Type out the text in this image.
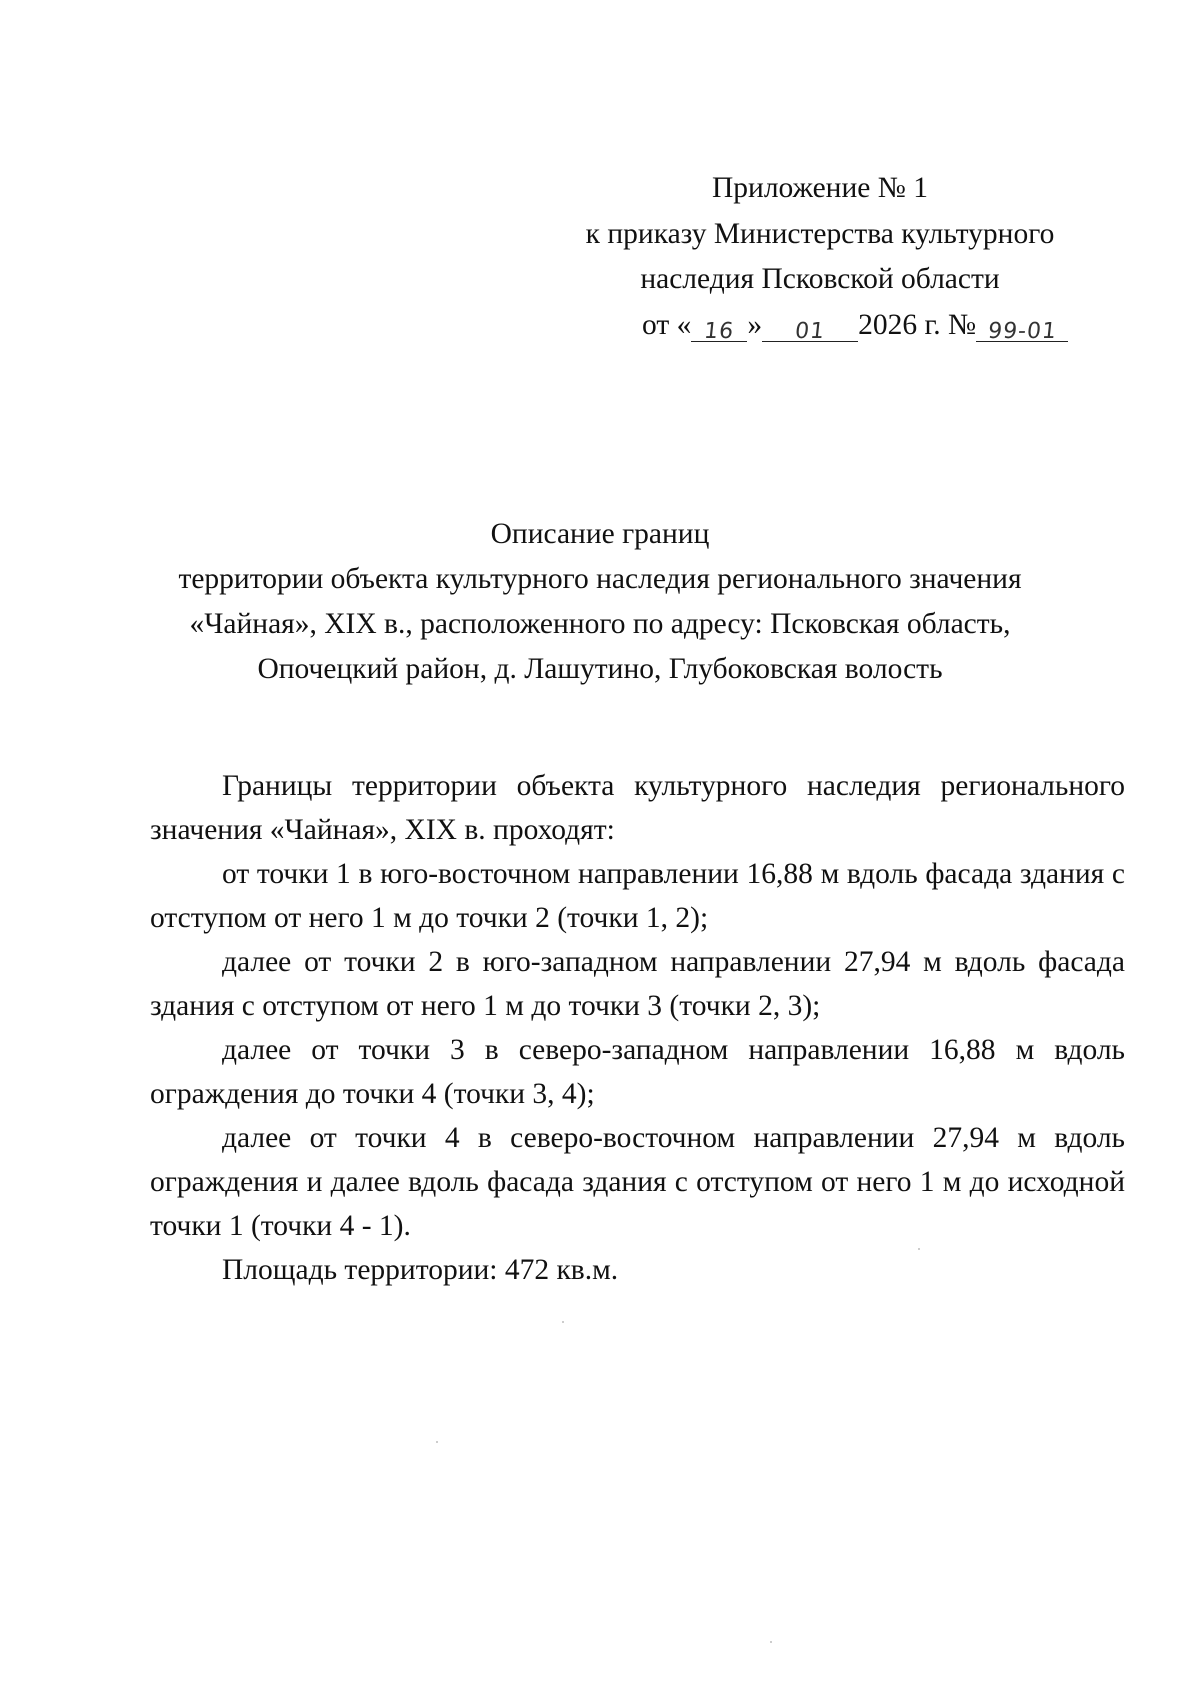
Приложение № 1
к приказу Министерства культурного
наследия Псковской области
от « 16 » 01 2026 г. № 99-01
Описание границ
территории объекта культурного наследия регионального значения
«Чайная», XIX в., расположенного по адресу: Псковская область,
Опочецкий район, д. Лашутино, Глубоковская волость

Границы территории объекта культурного наследия регионального значения «Чайная», XIX в. проходят:

от точки 1 в юго-восточном направлении 16,88 м вдоль фасада здания с отступом от него 1 м до точки 2 (точки 1, 2);

далее от точки 2 в юго-западном направлении 27,94 м вдоль фасада здания с отступом от него 1 м до точки 3 (точки 2, 3);

далее от точки 3 в северо-западном направлении 16,88 м вдоль ограждения до точки 4 (точки 3, 4);

далее от точки 4 в северо-восточном направлении 27,94 м вдоль ограждения и далее вдоль фасада здания с отступом от него 1 м до исходной точки 1 (точки 4 - 1).

Площадь территории: 472 кв.м.
